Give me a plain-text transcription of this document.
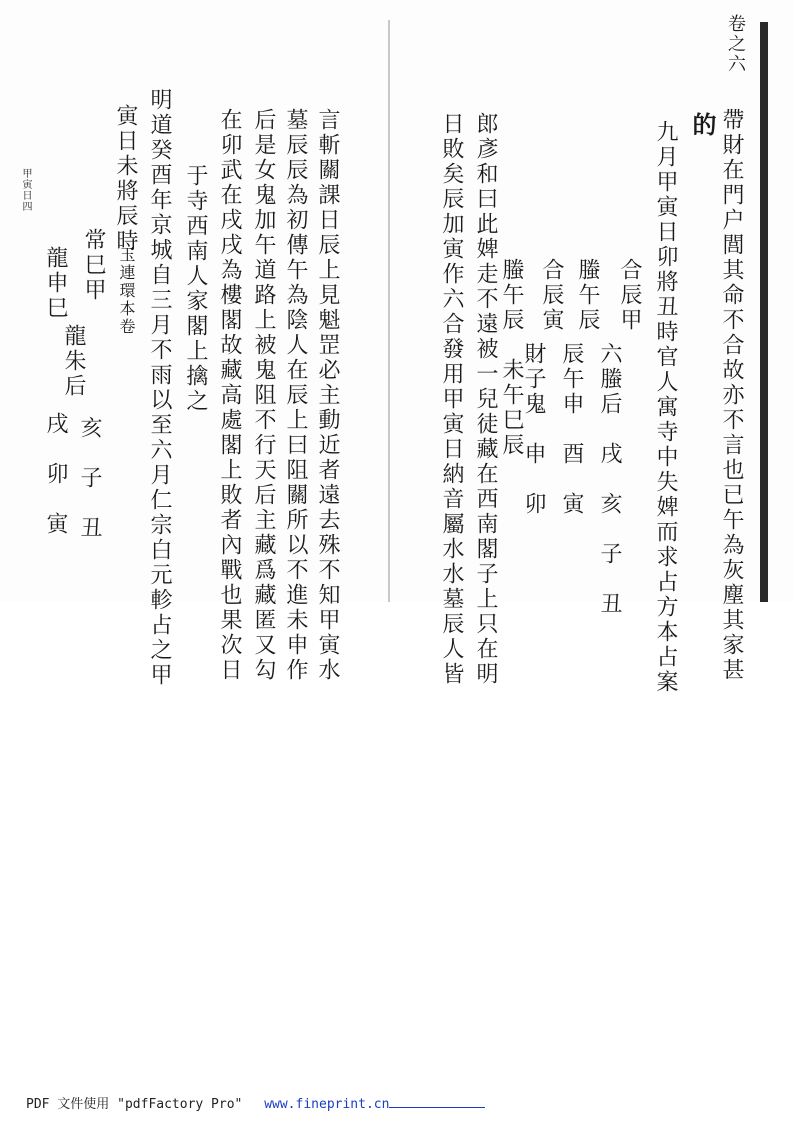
卷之六
帶財在門户閭其命不合故亦不言也已午為灰塵其家甚
的
九月甲寅日卯將丑時官人寓寺中失婢而求占方本占案
合辰甲
六螣后　戌　亥　子　丑
螣午辰
辰午申　酉　寅
合辰寅
財子鬼　申　卯
螣午辰　未午巳辰
郎彥和曰此婢走不遠被一兒徒藏在西南閣子上只在明
日敗矣辰加寅作六合發用甲寅日納音屬水水墓辰人皆
言斬關課日辰上見魁罡必主動近者遠去殊不知甲寅水
墓辰辰為初傳午為陰人在辰上曰阻關所以不進未申作
后是女鬼加午道路上被鬼阻不行天后主藏爲藏匿又勾
在卯武在戌戌為樓閣故藏高處閣上敗者內戰也果次日
于寺西南人家閣上擒之
明道癸酉年京城自三月不雨以至六月仁宗白元軫占之甲
寅日未將辰時
玉連環本卷
常巳甲
龍申巳
龍朱后
亥　子　丑
戌　卯　寅
甲寅日四
PDF 文件使用 "pdfFactory Pro" www.fineprint.cn
